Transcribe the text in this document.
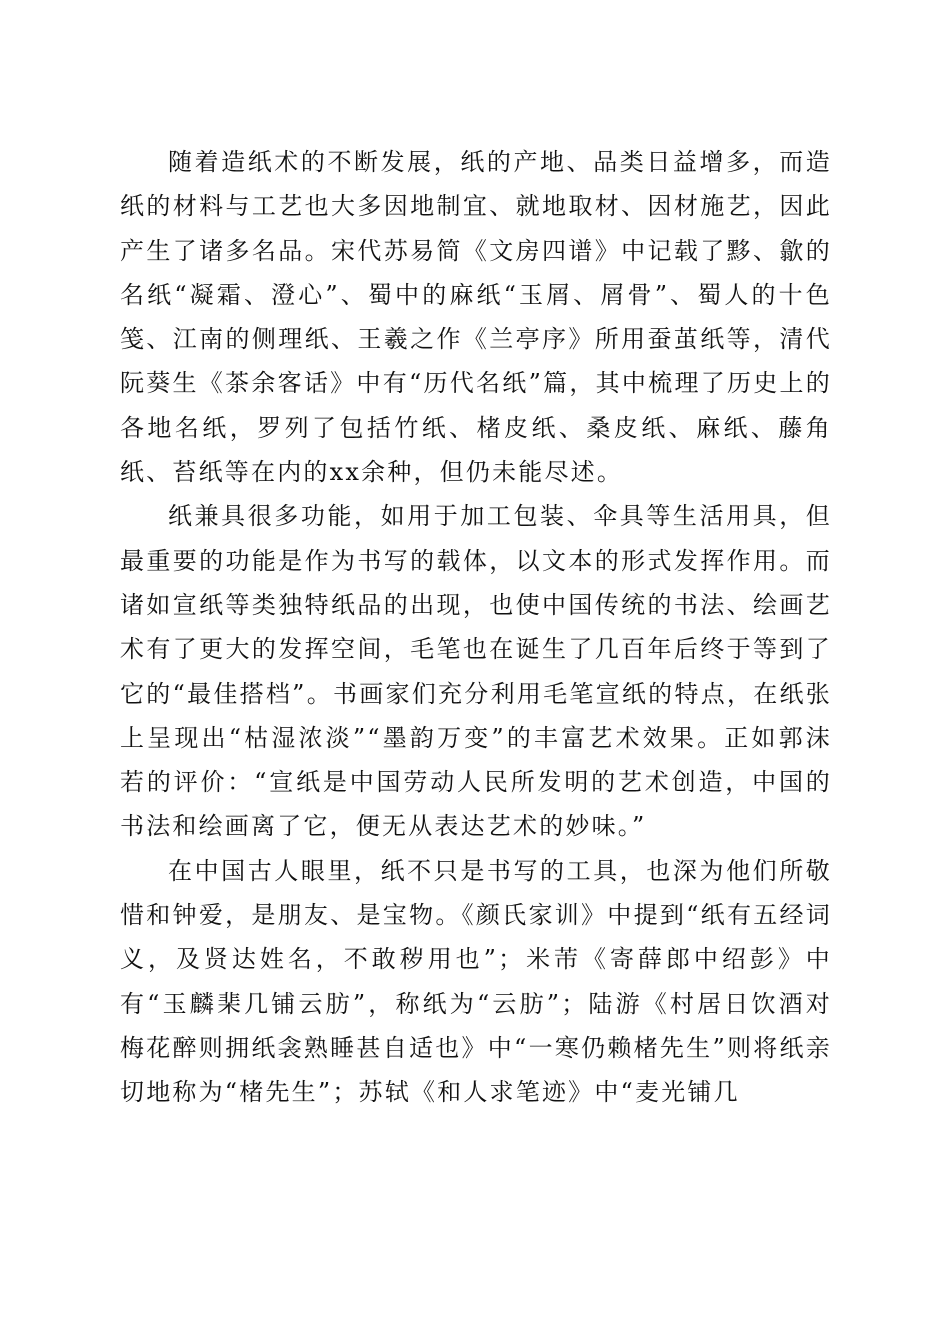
随着造纸术的不断发展，纸的产地、品类日益增多，而造纸的材料与工艺也大多因地制宜、就地取材、因材施艺，因此产生了诸多名品。宋代苏易简《文房四谱》中记载了黟、歙的名纸“凝霜、澄心”、蜀中的麻纸“玉屑、屑骨”、蜀人的十色笺、江南的侧理纸、王羲之作《兰亭序》所用蚕茧纸等，清代阮葵生《茶余客话》中有“历代名纸”篇，其中梳理了历史上的各地名纸，罗列了包括竹纸、楮皮纸、桑皮纸、麻纸、藤角纸、苔纸等在内的xx余种，但仍未能尽述。

纸兼具很多功能，如用于加工包装、伞具等生活用具，但最重要的功能是作为书写的载体，以文本的形式发挥作用。而诸如宣纸等类独特纸品的出现，也使中国传统的书法、绘画艺术有了更大的发挥空间，毛笔也在诞生了几百年后终于等到了它的“最佳搭档”。书画家们充分利用毛笔宣纸的特点，在纸张上呈现出“枯湿浓淡”“墨韵万变”的丰富艺术效果。正如郭沫若的评价：“宣纸是中国劳动人民所发明的艺术创造，中国的书法和绘画离了它，便无从表达艺术的妙味。”

在中国古人眼里，纸不只是书写的工具，也深为他们所敬惜和钟爱，是朋友、是宝物。《颜氏家训》中提到“纸有五经词义，及贤达姓名，不敢秽用也”；米芾《寄薛郎中绍彭》中有“玉麟棐几铺云肪”，称纸为“云肪”；陆游《村居日饮酒对梅花醉则拥纸衾熟睡甚自适也》中“一寒仍赖楮先生”则将纸亲切地称为“楮先生”；苏轼《和人求笔迹》中“麦光铺几
